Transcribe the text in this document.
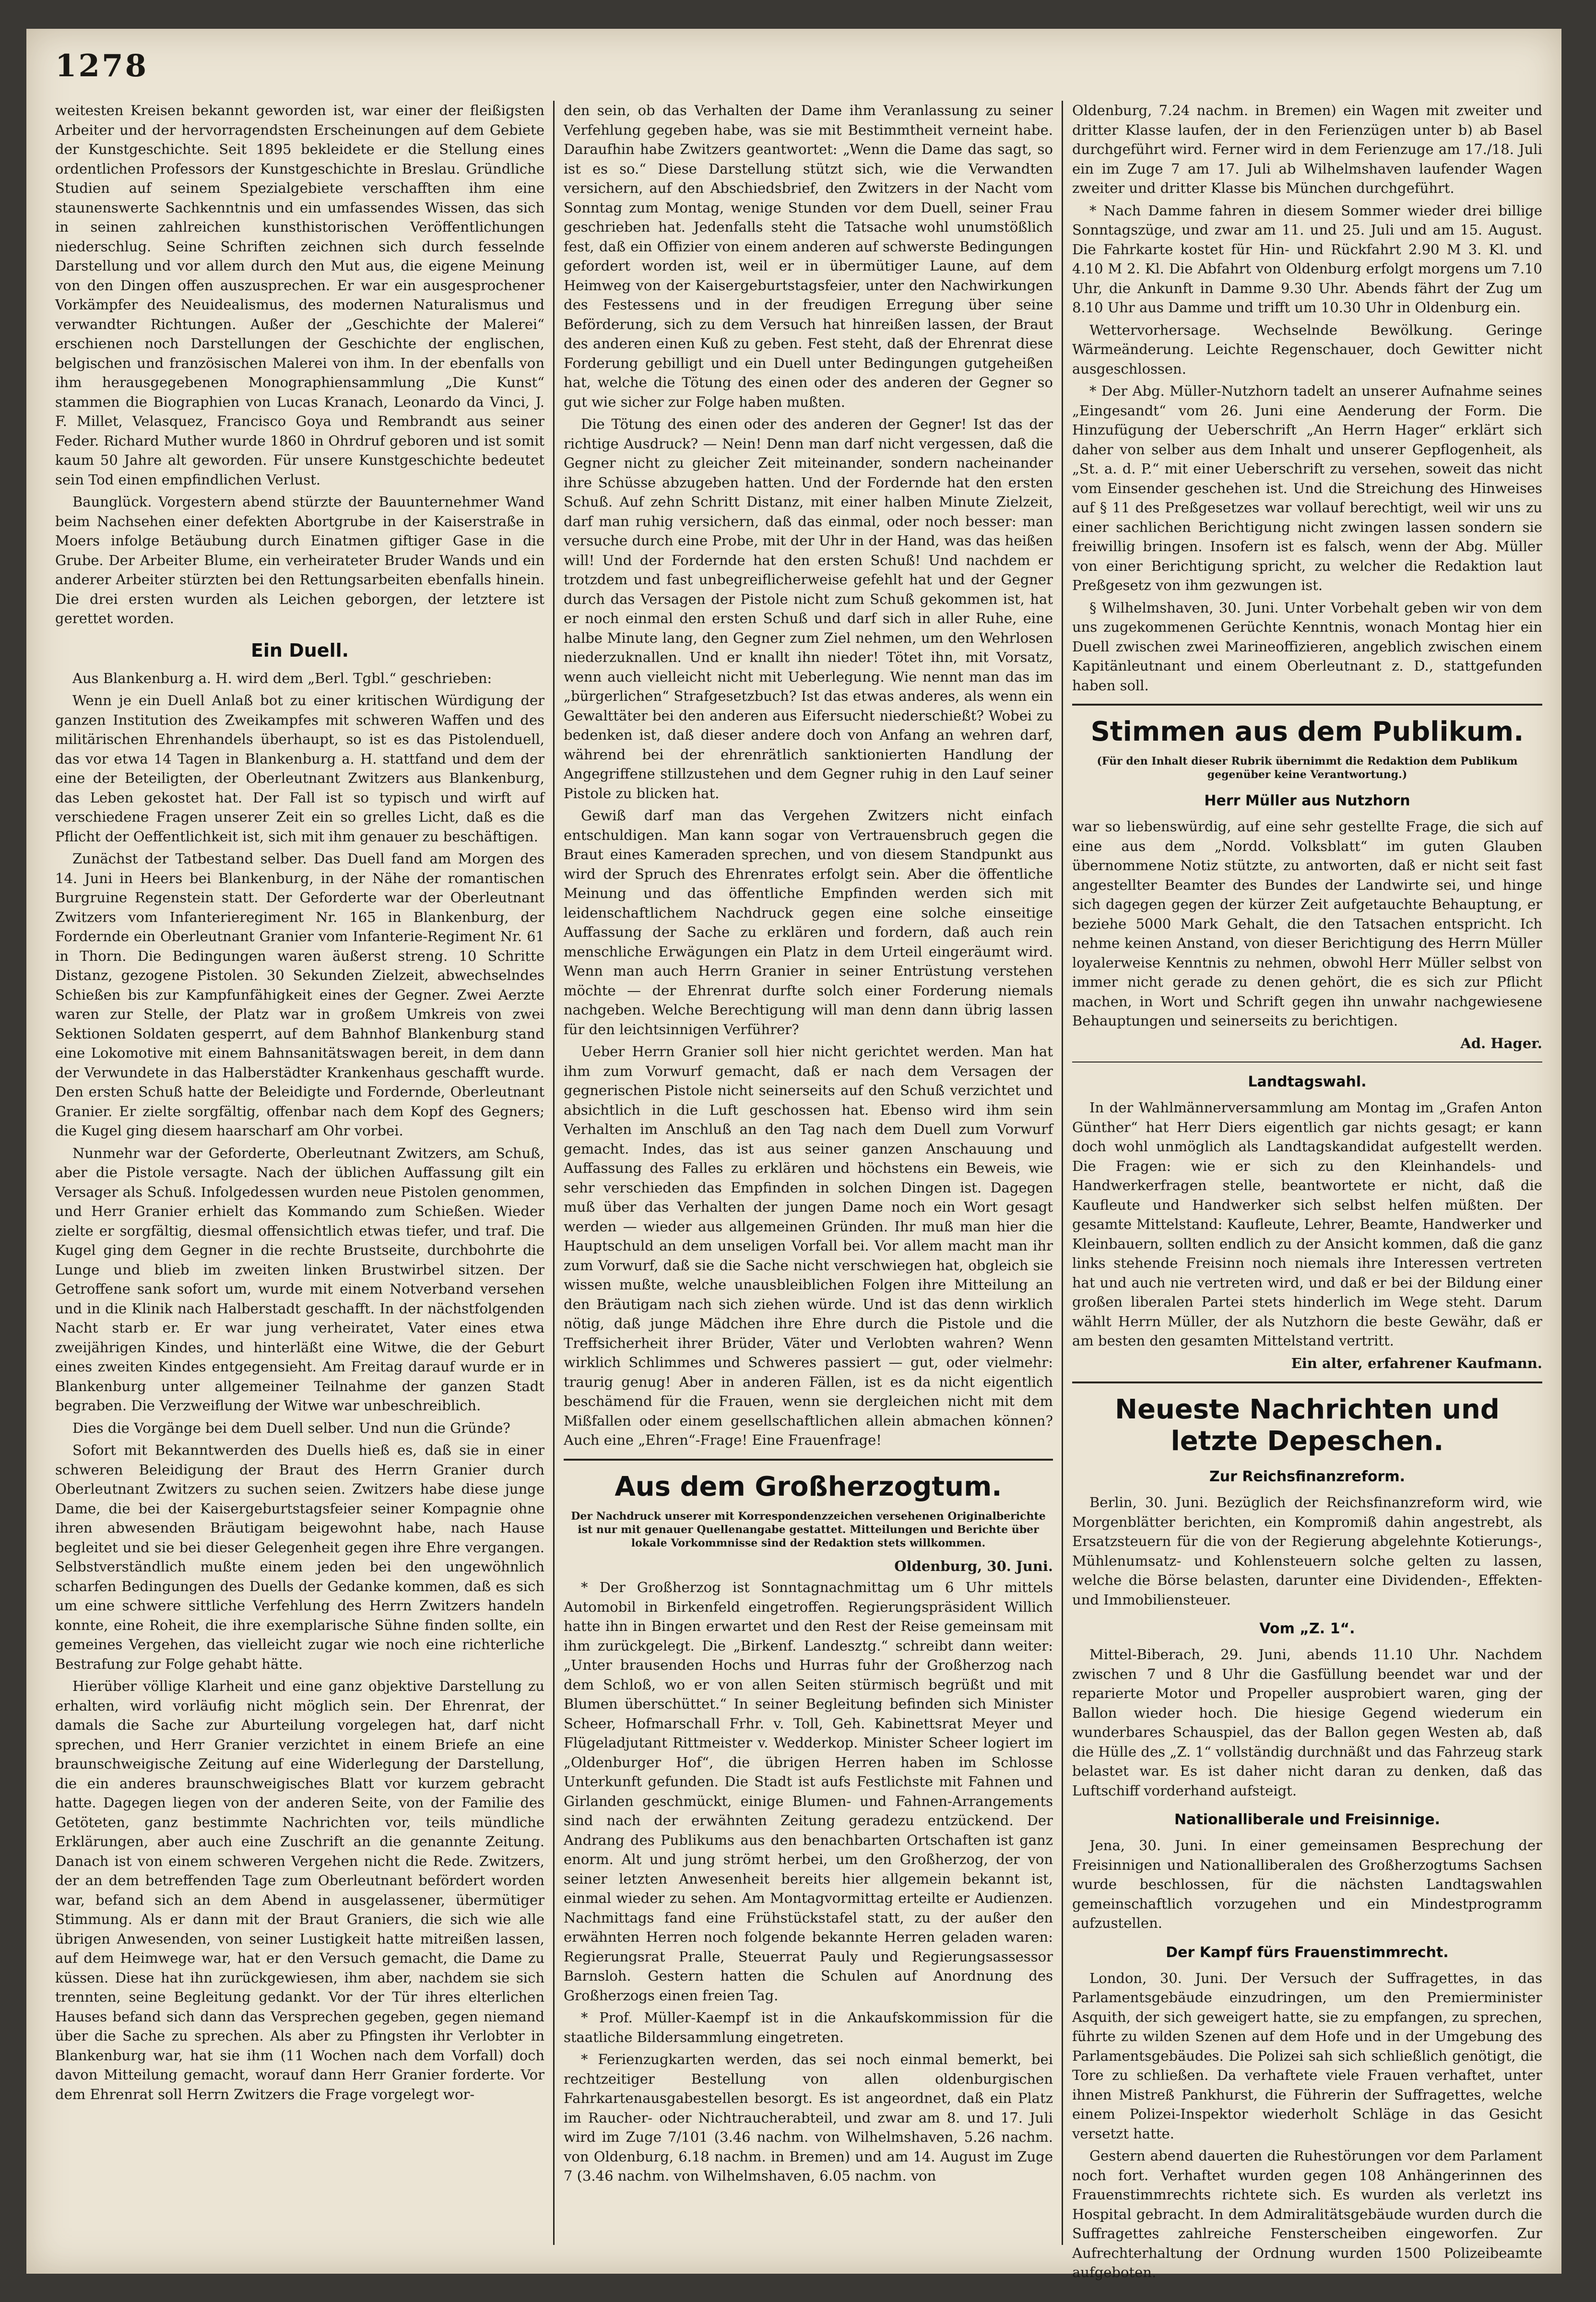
1278

weitesten Kreisen bekannt geworden ist, war einer der fleißigsten Arbeiter und der hervorragendsten Erscheinungen auf dem Gebiete der Kunstgeschichte. Seit 1895 bekleidete er die Stellung eines ordentlichen Professors der Kunstgeschichte in Breslau. Gründliche Studien auf seinem Spezialgebiete verschafften ihm eine staunenswerte Sachkenntnis und ein umfassendes Wissen, das sich in seinen zahlreichen kunsthistorischen Veröffentlichungen niederschlug. Seine Schriften zeichnen sich durch fesselnde Darstellung und vor allem durch den Mut aus, die eigene Meinung von den Dingen offen auszusprechen. Er war ein ausgesprochener Vorkämpfer des Neuidealismus, des modernen Naturalismus und verwandter Richtungen. Außer der „Geschichte der Malerei“ erschienen noch Darstellungen der Geschichte der englischen, belgischen und französischen Malerei von ihm. In der ebenfalls von ihm herausgegebenen Monographiensammlung „Die Kunst“ stammen die Biographien von Lucas Kranach, Leonardo da Vinci, J. F. Millet, Velasquez, Francisco Goya und Rembrandt aus seiner Feder. Richard Muther wurde 1860 in Ohrdruf geboren und ist somit kaum 50 Jahre alt geworden. Für unsere Kunstgeschichte bedeutet sein Tod einen empfindlichen Verlust.

Baunglück. Vorgestern abend stürzte der Bauunternehmer Wand beim Nachsehen einer defekten Abortgrube in der Kaiserstraße in Moers infolge Betäubung durch Einatmen giftiger Gase in die Grube. Der Arbeiter Blume, ein verheirateter Bruder Wands und ein anderer Arbeiter stürzten bei den Rettungsarbeiten ebenfalls hinein. Die drei ersten wurden als Leichen geborgen, der letztere ist gerettet worden.

Ein Duell.

Aus Blankenburg a. H. wird dem „Berl. Tgbl.“ geschrieben:

Wenn je ein Duell Anlaß bot zu einer kritischen Würdigung der ganzen Institution des Zweikampfes mit schweren Waffen und des militärischen Ehrenhandels überhaupt, so ist es das Pistolenduell, das vor etwa 14 Tagen in Blankenburg a. H. stattfand und dem der eine der Beteiligten, der Oberleutnant Zwitzers aus Blankenburg, das Leben gekostet hat. Der Fall ist so typisch und wirft auf verschiedene Fragen unserer Zeit ein so grelles Licht, daß es die Pflicht der Oeffentlichkeit ist, sich mit ihm genauer zu beschäftigen.

Zunächst der Tatbestand selber. Das Duell fand am Morgen des 14. Juni in Heers bei Blankenburg, in der Nähe der romantischen Burgruine Regenstein statt. Der Geforderte war der Oberleutnant Zwitzers vom Infanterieregiment Nr. 165 in Blankenburg, der Fordernde ein Oberleutnant Granier vom Infanterie-Regiment Nr. 61 in Thorn. Die Bedingungen waren äußerst streng. 10 Schritte Distanz, gezogene Pistolen. 30 Sekunden Zielzeit, abwechselndes Schießen bis zur Kampfunfähigkeit eines der Gegner. Zwei Aerzte waren zur Stelle, der Platz war in großem Umkreis von zwei Sektionen Soldaten gesperrt, auf dem Bahnhof Blankenburg stand eine Lokomotive mit einem Bahnsanitätswagen bereit, in dem dann der Verwundete in das Halberstädter Krankenhaus geschafft wurde. Den ersten Schuß hatte der Beleidigte und Fordernde, Oberleutnant Granier. Er zielte sorgfältig, offenbar nach dem Kopf des Gegners; die Kugel ging diesem haarscharf am Ohr vorbei.

Nunmehr war der Geforderte, Oberleutnant Zwitzers, am Schuß, aber die Pistole versagte. Nach der üblichen Auffassung gilt ein Versager als Schuß. Infolgedessen wurden neue Pistolen genommen, und Herr Granier erhielt das Kommando zum Schießen. Wieder zielte er sorgfältig, diesmal offensichtlich etwas tiefer, und traf. Die Kugel ging dem Gegner in die rechte Brustseite, durchbohrte die Lunge und blieb im zweiten linken Brustwirbel sitzen. Der Getroffene sank sofort um, wurde mit einem Notverband versehen und in die Klinik nach Halberstadt geschafft. In der nächstfolgenden Nacht starb er. Er war jung verheiratet, Vater eines etwa zweijährigen Kindes, und hinterläßt eine Witwe, die der Geburt eines zweiten Kindes entgegensieht. Am Freitag darauf wurde er in Blankenburg unter allgemeiner Teilnahme der ganzen Stadt begraben. Die Verzweiflung der Witwe war unbeschreiblich.

Dies die Vorgänge bei dem Duell selber. Und nun die Gründe?

Sofort mit Bekanntwerden des Duells hieß es, daß sie in einer schweren Beleidigung der Braut des Herrn Granier durch Oberleutnant Zwitzers zu suchen seien. Zwitzers habe diese junge Dame, die bei der Kaisergeburtstagsfeier seiner Kompagnie ohne ihren abwesenden Bräutigam beigewohnt habe, nach Hause begleitet und sie bei dieser Gelegenheit gegen ihre Ehre vergangen. Selbstverständlich mußte einem jeden bei den ungewöhnlich scharfen Bedingungen des Duells der Gedanke kommen, daß es sich um eine schwere sittliche Verfehlung des Herrn Zwitzers handeln konnte, eine Roheit, die ihre exemplarische Sühne finden sollte, ein gemeines Vergehen, das vielleicht zugar wie noch eine richterliche Bestrafung zur Folge gehabt hätte.

Hierüber völlige Klarheit und eine ganz objektive Darstellung zu erhalten, wird vorläufig nicht möglich sein. Der Ehrenrat, der damals die Sache zur Aburteilung vorgelegen hat, darf nicht sprechen, und Herr Granier verzichtet in einem Briefe an eine braunschweigische Zeitung auf eine Widerlegung der Darstellung, die ein anderes braunschweigisches Blatt vor kurzem gebracht hatte. Dagegen liegen von der anderen Seite, von der Familie des Getöteten, ganz bestimmte Nachrichten vor, teils mündliche Erklärungen, aber auch eine Zuschrift an die genannte Zeitung. Danach ist von einem schweren Vergehen nicht die Rede. Zwitzers, der an dem betreffenden Tage zum Oberleutnant befördert worden war, befand sich an dem Abend in ausgelassener, übermütiger Stimmung. Als er dann mit der Braut Graniers, die sich wie alle übrigen Anwesenden, von seiner Lustigkeit hatte mitreißen lassen, auf dem Heimwege war, hat er den Versuch gemacht, die Dame zu küssen. Diese hat ihn zurückgewiesen, ihm aber, nachdem sie sich trennten, seine Begleitung gedankt. Vor der Tür ihres elterlichen Hauses befand sich dann das Versprechen gegeben, gegen niemand über die Sache zu sprechen. Als aber zu Pfingsten ihr Verlobter in Blankenburg war, hat sie ihm (11 Wochen nach dem Vorfall) doch davon Mitteilung gemacht, worauf dann Herr Granier forderte. Vor dem Ehrenrat soll Herrn Zwitzers die Frage vorgelegt wor-

den sein, ob das Verhalten der Dame ihm Veranlassung zu seiner Verfehlung gegeben habe, was sie mit Bestimmtheit verneint habe. Daraufhin habe Zwitzers geantwortet: „Wenn die Dame das sagt, so ist es so.“ Diese Darstellung stützt sich, wie die Verwandten versichern, auf den Abschiedsbrief, den Zwitzers in der Nacht vom Sonntag zum Montag, wenige Stunden vor dem Duell, seiner Frau geschrieben hat. Jedenfalls steht die Tatsache wohl unumstößlich fest, daß ein Offizier von einem anderen auf schwerste Bedingungen gefordert worden ist, weil er in übermütiger Laune, auf dem Heimweg von der Kaisergeburtstagsfeier, unter den Nachwirkungen des Festessens und in der freudigen Erregung über seine Beförderung, sich zu dem Versuch hat hinreißen lassen, der Braut des anderen einen Kuß zu geben. Fest steht, daß der Ehrenrat diese Forderung gebilligt und ein Duell unter Bedingungen gutgeheißen hat, welche die Tötung des einen oder des anderen der Gegner so gut wie sicher zur Folge haben mußten.

Die Tötung des einen oder des anderen der Gegner! Ist das der richtige Ausdruck? — Nein! Denn man darf nicht vergessen, daß die Gegner nicht zu gleicher Zeit miteinander, sondern nacheinander ihre Schüsse abzugeben hatten. Und der Fordernde hat den ersten Schuß. Auf zehn Schritt Distanz, mit einer halben Minute Zielzeit, darf man ruhig versichern, daß das einmal, oder noch besser: man versuche durch eine Probe, mit der Uhr in der Hand, was das heißen will! Und der Fordernde hat den ersten Schuß! Und nachdem er trotzdem und fast unbegreiflicherweise gefehlt hat und der Gegner durch das Versagen der Pistole nicht zum Schuß gekommen ist, hat er noch einmal den ersten Schuß und darf sich in aller Ruhe, eine halbe Minute lang, den Gegner zum Ziel nehmen, um den Wehrlosen niederzuknallen. Und er knallt ihn nieder! Tötet ihn, mit Vorsatz, wenn auch vielleicht nicht mit Ueberlegung. Wie nennt man das im „bürgerlichen“ Strafgesetzbuch? Ist das etwas anderes, als wenn ein Gewalttäter bei den anderen aus Eifersucht niederschießt? Wobei zu bedenken ist, daß dieser andere doch von Anfang an wehren darf, während bei der ehrenrätlich sanktionierten Handlung der Angegriffene stillzustehen und dem Gegner ruhig in den Lauf seiner Pistole zu blicken hat.

Gewiß darf man das Vergehen Zwitzers nicht einfach entschuldigen. Man kann sogar von Vertrauensbruch gegen die Braut eines Kameraden sprechen, und von diesem Standpunkt aus wird der Spruch des Ehrenrates erfolgt sein. Aber die öffentliche Meinung und das öffentliche Empfinden werden sich mit leidenschaftlichem Nachdruck gegen eine solche einseitige Auffassung der Sache zu erklären und fordern, daß auch rein menschliche Erwägungen ein Platz in dem Urteil eingeräumt wird. Wenn man auch Herrn Granier in seiner Entrüstung verstehen möchte — der Ehrenrat durfte solch einer Forderung niemals nachgeben. Welche Berechtigung will man denn dann übrig lassen für den leichtsinnigen Verführer?

Ueber Herrn Granier soll hier nicht gerichtet werden. Man hat ihm zum Vorwurf gemacht, daß er nach dem Versagen der gegnerischen Pistole nicht seinerseits auf den Schuß verzichtet und absichtlich in die Luft geschossen hat. Ebenso wird ihm sein Verhalten im Anschluß an den Tag nach dem Duell zum Vorwurf gemacht. Indes, das ist aus seiner ganzen Anschauung und Auffassung des Falles zu erklären und höchstens ein Beweis, wie sehr verschieden das Empfinden in solchen Dingen ist. Dagegen muß über das Verhalten der jungen Dame noch ein Wort gesagt werden — wieder aus allgemeinen Gründen. Ihr muß man hier die Hauptschuld an dem unseligen Vorfall bei. Vor allem macht man ihr zum Vorwurf, daß sie die Sache nicht verschwiegen hat, obgleich sie wissen mußte, welche unausbleiblichen Folgen ihre Mitteilung an den Bräutigam nach sich ziehen würde. Und ist das denn wirklich nötig, daß junge Mädchen ihre Ehre durch die Pistole und die Treffsicherheit ihrer Brüder, Väter und Verlobten wahren? Wenn wirklich Schlimmes und Schweres passiert — gut, oder vielmehr: traurig genug! Aber in anderen Fällen, ist es da nicht eigentlich beschämend für die Frauen, wenn sie dergleichen nicht mit dem Mißfallen oder einem gesellschaftlichen allein abmachen können? Auch eine „Ehren“-Frage! Eine Frauenfrage!

Aus dem Großherzogtum.

Der Nachdruck unserer mit Korrespondenzzeichen versehenen Originalberichte ist nur mit genauer Quellenangabe gestattet. Mitteilungen und Berichte über lokale Vorkommnisse sind der Redaktion stets willkommen.

Oldenburg, 30. Juni.

* Der Großherzog ist Sonntagnachmittag um 6 Uhr mittels Automobil in Birkenfeld eingetroffen. Regierungspräsident Willich hatte ihn in Bingen erwartet und den Rest der Reise gemeinsam mit ihm zurückgelegt. Die „Birkenf. Landesztg.“ schreibt dann weiter: „Unter brausenden Hochs und Hurras fuhr der Großherzog nach dem Schloß, wo er von allen Seiten stürmisch begrüßt und mit Blumen überschüttet.“ In seiner Begleitung befinden sich Minister Scheer, Hofmarschall Frhr. v. Toll, Geh. Kabinettsrat Meyer und Flügeladjutant Rittmeister v. Wedderkop. Minister Scheer logiert im „Oldenburger Hof“, die übrigen Herren haben im Schlosse Unterkunft gefunden. Die Stadt ist aufs Festlichste mit Fahnen und Girlanden geschmückt, einige Blumen- und Fahnen-Arrangements sind nach der erwähnten Zeitung geradezu entzückend. Der Andrang des Publikums aus den benachbarten Ortschaften ist ganz enorm. Alt und jung strömt herbei, um den Großherzog, der von seiner letzten Anwesenheit bereits hier allgemein bekannt ist, einmal wieder zu sehen. Am Montagvormittag erteilte er Audienzen. Nachmittags fand eine Frühstückstafel statt, zu der außer den erwähnten Herren noch folgende bekannte Herren geladen waren: Regierungsrat Pralle, Steuerrat Pauly und Regierungsassessor Barnsloh. Gestern hatten die Schulen auf Anordnung des Großherzogs einen freien Tag.

* Prof. Müller-Kaempf ist in die Ankaufskommission für die staatliche Bildersammlung eingetreten.

* Ferienzugkarten werden, das sei noch einmal bemerkt, bei rechtzeitiger Bestellung von allen oldenburgischen Fahrkartenausgabestellen besorgt. Es ist angeordnet, daß ein Platz im Raucher- oder Nichtraucherabteil, und zwar am 8. und 17. Juli wird im Zuge 7/101 (3.46 nachm. von Wilhelmshaven, 5.26 nachm. von Oldenburg, 6.18 nachm. in Bremen) und am 14. August im Zuge 7 (3.46 nachm. von Wilhelmshaven, 6.05 nachm. von

Oldenburg, 7.24 nachm. in Bremen) ein Wagen mit zweiter und dritter Klasse laufen, der in den Ferienzügen unter b) ab Basel durchgeführt wird. Ferner wird in dem Ferienzuge am 17./18. Juli ein im Zuge 7 am 17. Juli ab Wilhelmshaven laufender Wagen zweiter und dritter Klasse bis München durchgeführt.

* Nach Damme fahren in diesem Sommer wieder drei billige Sonntagszüge, und zwar am 11. und 25. Juli und am 15. August. Die Fahrkarte kostet für Hin- und Rückfahrt 2.90 M 3. Kl. und 4.10 M 2. Kl. Die Abfahrt von Oldenburg erfolgt morgens um 7.10 Uhr, die Ankunft in Damme 9.30 Uhr. Abends fährt der Zug um 8.10 Uhr aus Damme und trifft um 10.30 Uhr in Oldenburg ein.

Wettervorhersage. Wechselnde Bewölkung. Geringe Wärmeänderung. Leichte Regenschauer, doch Gewitter nicht ausgeschlossen.

* Der Abg. Müller-Nutzhorn tadelt an unserer Aufnahme seines „Eingesandt“ vom 26. Juni eine Aenderung der Form. Die Hinzufügung der Ueberschrift „An Herrn Hager“ erklärt sich daher von selber aus dem Inhalt und unserer Gepflogenheit, als „St. a. d. P.“ mit einer Ueberschrift zu versehen, soweit das nicht vom Einsender geschehen ist. Und die Streichung des Hinweises auf § 11 des Preßgesetzes war vollauf berechtigt, weil wir uns zu einer sachlichen Berichtigung nicht zwingen lassen sondern sie freiwillig bringen. Insofern ist es falsch, wenn der Abg. Müller von einer Berichtigung spricht, zu welcher die Redaktion laut Preßgesetz von ihm gezwungen ist.

§ Wilhelmshaven, 30. Juni. Unter Vorbehalt geben wir von dem uns zugekommenen Gerüchte Kenntnis, wonach Montag hier ein Duell zwischen zwei Marineoffizieren, angeblich zwischen einem Kapitänleutnant und einem Oberleutnant z. D., stattgefunden haben soll.

Stimmen aus dem Publikum.

(Für den Inhalt dieser Rubrik übernimmt die Redaktion dem Publikum gegenüber keine Verantwortung.)

Herr Müller aus Nutzhorn

war so liebenswürdig, auf eine sehr gestellte Frage, die sich auf eine aus dem „Nordd. Volksblatt“ im guten Glauben übernommene Notiz stützte, zu antworten, daß er nicht seit fast angestellter Beamter des Bundes der Landwirte sei, und hinge sich dagegen gegen der kürzer Zeit aufgetauchte Behauptung, er beziehe 5000 Mark Gehalt, die den Tatsachen entspricht. Ich nehme keinen Anstand, von dieser Berichtigung des Herrn Müller loyalerweise Kenntnis zu nehmen, obwohl Herr Müller selbst von immer nicht gerade zu denen gehört, die es sich zur Pflicht machen, in Wort und Schrift gegen ihn unwahr nachgewiesene Behauptungen und seinerseits zu berichtigen.

Ad. Hager.

Landtagswahl.

In der Wahlmännerversammlung am Montag im „Grafen Anton Günther“ hat Herr Diers eigentlich gar nichts gesagt; er kann doch wohl unmöglich als Landtagskandidat aufgestellt werden. Die Fragen: wie er sich zu den Kleinhandels- und Handwerkerfragen stelle, beantwortete er nicht, daß die Kaufleute und Handwerker sich selbst helfen müßten. Der gesamte Mittelstand: Kaufleute, Lehrer, Beamte, Handwerker und Kleinbauern, sollten endlich zu der Ansicht kommen, daß die ganz links stehende Freisinn noch niemals ihre Interessen vertreten hat und auch nie vertreten wird, und daß er bei der Bildung einer großen liberalen Partei stets hinderlich im Wege steht. Darum wählt Herrn Müller, der als Nutzhorn die beste Gewähr, daß er am besten den gesamten Mittelstand vertritt.

Ein alter, erfahrener Kaufmann.

Neueste Nachrichten und letzte Depeschen.
Zur Reichsfinanzreform.

Berlin, 30. Juni. Bezüglich der Reichsfinanzreform wird, wie Morgenblätter berichten, ein Kompromiß dahin angestrebt, als Ersatzsteuern für die von der Regierung abgelehnte Kotierungs-, Mühlenumsatz- und Kohlensteuern solche gelten zu lassen, welche die Börse belasten, darunter eine Dividenden-, Effekten- und Immobiliensteuer.

Vom „Z. 1“.

Mittel-Biberach, 29. Juni, abends 11.10 Uhr. Nachdem zwischen 7 und 8 Uhr die Gasfüllung beendet war und der reparierte Motor und Propeller ausprobiert waren, ging der Ballon wieder hoch. Die hiesige Gegend wiederum ein wunderbares Schauspiel, das der Ballon gegen Westen ab, daß die Hülle des „Z. 1“ vollständig durchnäßt und das Fahrzeug stark belastet war. Es ist daher nicht daran zu denken, daß das Luftschiff vorderhand aufsteigt.

Nationalliberale und Freisinnige.

Jena, 30. Juni. In einer gemeinsamen Besprechung der Freisinnigen und Nationalliberalen des Großherzogtums Sachsen wurde beschlossen, für die nächsten Landtagswahlen gemeinschaftlich vorzugehen und ein Mindestprogramm aufzustellen.

Der Kampf fürs Frauenstimmrecht.

London, 30. Juni. Der Versuch der Suffragettes, in das Parlamentsgebäude einzudringen, um den Premierminister Asquith, der sich geweigert hatte, sie zu empfangen, zu sprechen, führte zu wilden Szenen auf dem Hofe und in der Umgebung des Parlamentsgebäudes. Die Polizei sah sich schließlich genötigt, die Tore zu schließen. Da verhaftete viele Frauen verhaftet, unter ihnen Mistreß Pankhurst, die Führerin der Suffragettes, welche einem Polizei-Inspektor wiederholt Schläge in das Gesicht versetzt hatte.

Gestern abend dauerten die Ruhestörungen vor dem Parlament noch fort. Verhaftet wurden gegen 108 Anhängerinnen des Frauenstimmrechts richtete sich. Es wurden als verletzt ins Hospital gebracht. In dem Admiralitätsgebäude wurden durch die Suffragettes zahlreiche Fensterscheiben eingeworfen. Zur Aufrechterhaltung der Ordnung wurden 1500 Polizeibeamte aufgeboten.
